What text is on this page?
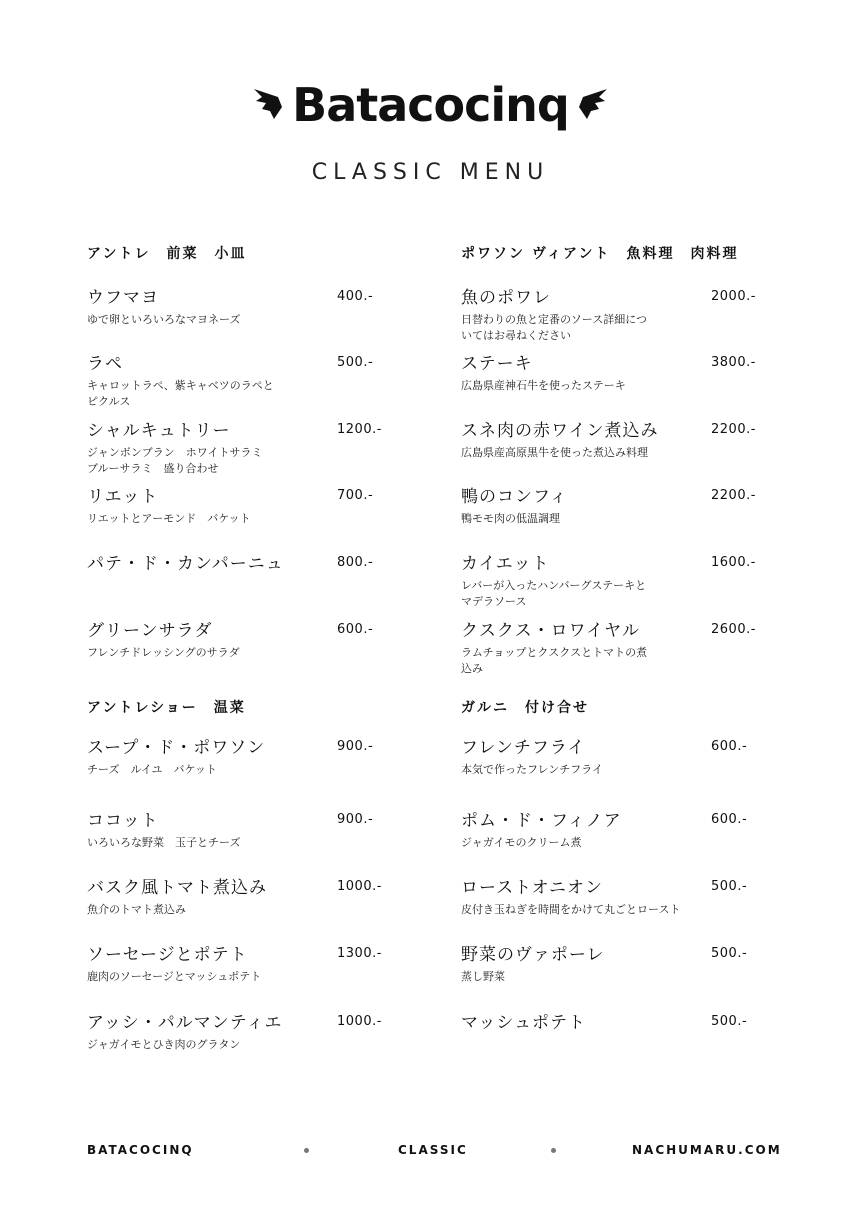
Batacocinq
CLASSIC MENU
アントレ　前菜　小皿
ウフマヨ
ゆで卵といろいろなマヨネーズ
400.-
ラペ
キャロットラペ、紫キャベツのラペとピクルス
500.-
シャルキュトリー
ジャンボンブラン　ホワイトサラミ　ブルーサラミ　盛り合わせ
1200.-
リエット
リエットとアーモンド　バケット
700.-
パテ・ド・カンパーニュ	800.-
グリーンサラダ
フレンチドレッシングのサラダ
600.-
アントレショー　温菜
スープ・ド・ポワソン
チーズ　ルイユ　バケット
900.-
ココット
いろいろな野菜　玉子とチーズ
900.-
バスク風トマト煮込み
魚介のトマト煮込み
1000.-
ソーセージとポテト
鹿肉のソーセージとマッシュポテト
1300.-
アッシ・パルマンティエ
ジャガイモとひき肉のグラタン
1000.-
ポワソン ヴィアント　魚料理　肉料理
魚のポワレ
日替わりの魚と定番のソース詳細についてはお尋ねください
2000.-
ステーキ
広島県産神石牛を使ったステーキ
3800.-
スネ肉の赤ワイン煮込み
広島県産高原黒牛を使った煮込み料理
2200.-
鴨のコンフィ
鴨モモ肉の低温調理
2200.-
カイエット
レバーが入ったハンバーグステーキとマデラソース
1600.-
クスクス・ロワイヤル
ラムチョップとクスクスとトマトの煮込み
2600.-
ガルニ　付け合せ
フレンチフライ
本気で作ったフレンチフライ
600.-
ポム・ド・フィノア
ジャガイモのクリーム煮
600.-
ローストオニオン
皮付き玉ねぎを時間をかけて丸ごとロースト
500.-
野菜のヴァポーレ
蒸し野菜
500.-
マッシュポテト	500.-
BATACOCINQ	CLASSIC	NACHUMARU.COM
